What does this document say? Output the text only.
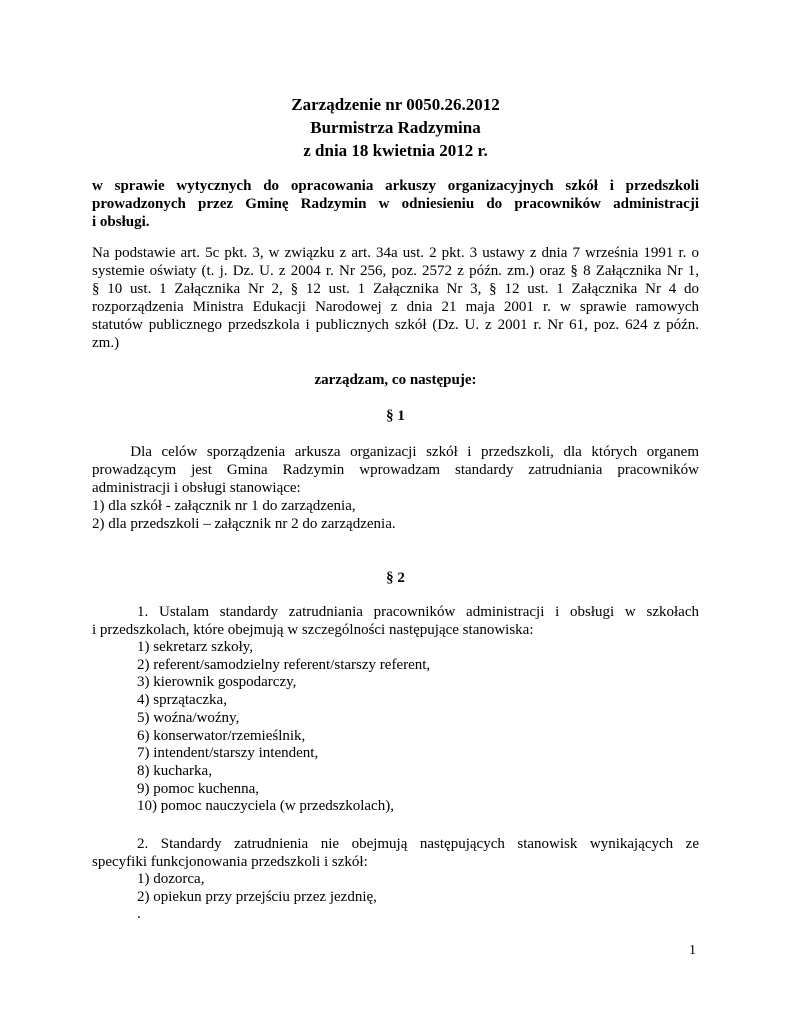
Zarządzenie nr 0050.26.2012
Burmistrza Radzymina
z dnia 18 kwietnia 2012 r.
w sprawie wytycznych do opracowania arkuszy organizacyjnych szkół i przedszkoli
prowadzonych przez Gminę Radzymin w odniesieniu do pracowników administracji
i obsługi.
Na podstawie art. 5c pkt. 3, w związku z art. 34a ust. 2 pkt. 3 ustawy z dnia 7 września 1991 r. o
systemie oświaty (t. j. Dz. U. z 2004 r. Nr 256, poz. 2572 z późn. zm.) oraz § 8 Załącznika Nr 1,
§ 10 ust. 1 Załącznika Nr 2, § 12 ust. 1 Załącznika Nr 3, § 12 ust. 1 Załącznika Nr 4 do
rozporządzenia Ministra Edukacji Narodowej z dnia 21 maja 2001 r. w sprawie ramowych
statutów publicznego przedszkola i publicznych szkół (Dz. U. z 2001 r. Nr 61, poz. 624 z późn.
zm.)
zarządzam, co następuje:
§ 1
Dla celów sporządzenia arkusza organizacji szkół i przedszkoli, dla których organem
prowadzącym jest Gmina Radzymin wprowadzam standardy zatrudniania pracowników
administracji i obsługi stanowiące:
1) dla szkół - załącznik nr 1 do zarządzenia,
2) dla przedszkoli – załącznik nr 2 do zarządzenia.
§ 2
1. Ustalam standardy zatrudniania pracowników administracji i obsługi w szkołach
i przedszkolach, które obejmują w szczególności następujące stanowiska:
1) sekretarz szkoły,
2) referent/samodzielny referent/starszy referent,
3) kierownik gospodarczy,
4) sprzątaczka,
5) woźna/woźny,
6) konserwator/rzemieślnik,
7) intendent/starszy intendent,
8) kucharka,
9) pomoc kuchenna,
10) pomoc nauczyciela (w przedszkolach),
2. Standardy zatrudnienia nie obejmują następujących stanowisk wynikających ze
specyfiki funkcjonowania przedszkoli i szkół:
1) dozorca,
2) opiekun przy przejściu przez jezdnię,
.
1
